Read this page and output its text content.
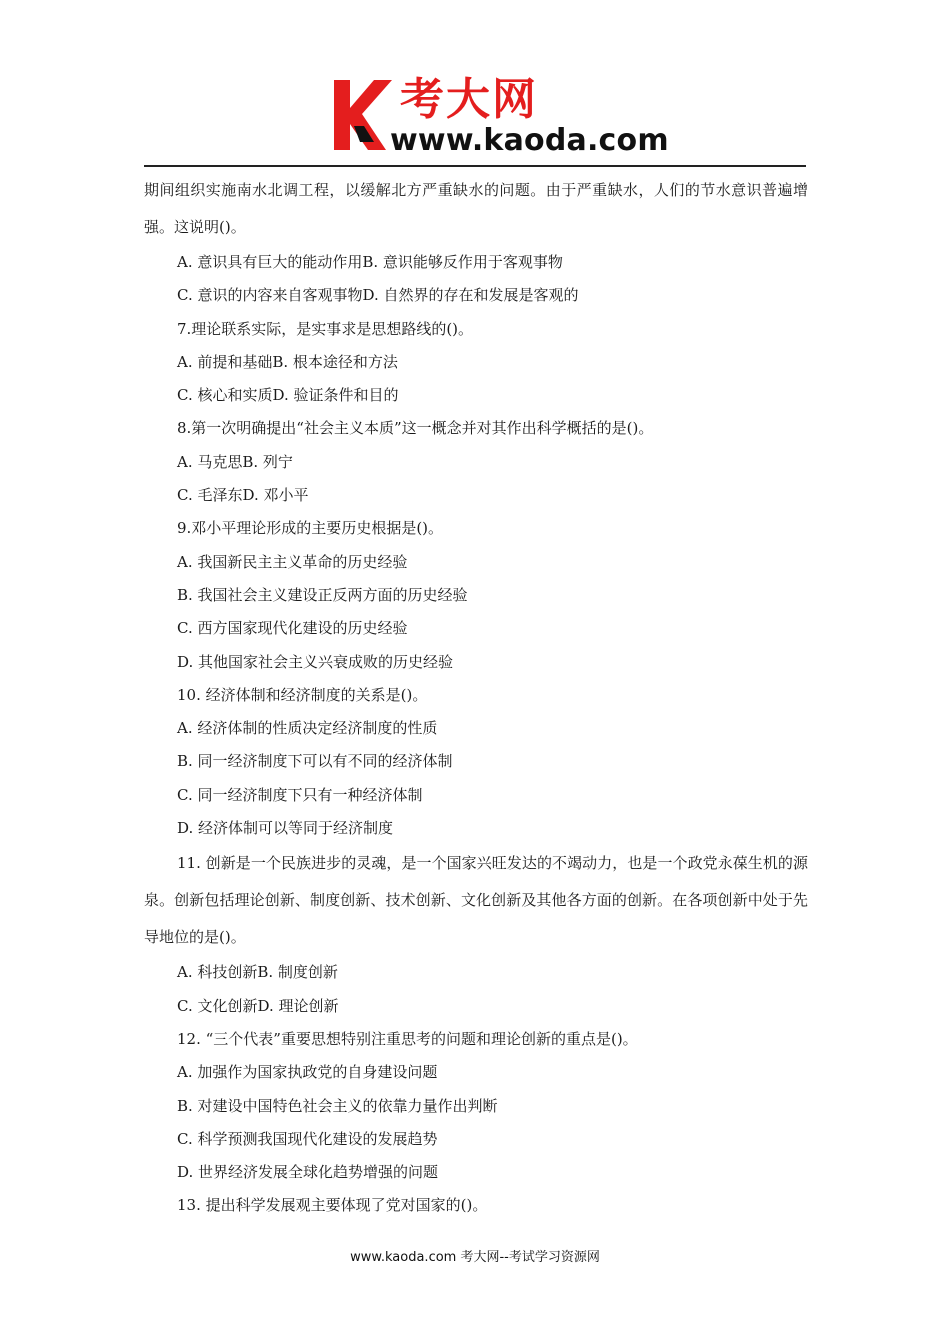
考大网
www.kaoda.com

期间组织实施南水北调工程，以缓解北方严重缺水的问题。由于严重缺水，人们的节水意识普遍增强。这说明()。

A. 意识具有巨大的能动作用B. 意识能够反作用于客观事物

C. 意识的内容来自客观事物D. 自然界的存在和发展是客观的

7.理论联系实际，是实事求是思想路线的()。

A. 前提和基础B. 根本途径和方法

C. 核心和实质D. 验证条件和目的

8.第一次明确提出“社会主义本质”这一概念并对其作出科学概括的是()。

A. 马克思B. 列宁

C. 毛泽东D. 邓小平

9.邓小平理论形成的主要历史根据是()。

A. 我国新民主主义革命的历史经验

B. 我国社会主义建设正反两方面的历史经验

C. 西方国家现代化建设的历史经验

D. 其他国家社会主义兴衰成败的历史经验

10. 经济体制和经济制度的关系是()。

A. 经济体制的性质决定经济制度的性质

B. 同一经济制度下可以有不同的经济体制

C. 同一经济制度下只有一种经济体制

D. 经济体制可以等同于经济制度

11. 创新是一个民族进步的灵魂，是一个国家兴旺发达的不竭动力，也是一个政党永葆生机的源泉。创新包括理论创新、制度创新、技术创新、文化创新及其他各方面的创新。在各项创新中处于先导地位的是()。

A. 科技创新B. 制度创新

C. 文化创新D. 理论创新

12. “三个代表”重要思想特别注重思考的问题和理论创新的重点是()。

A. 加强作为国家执政党的自身建设问题

B. 对建设中国特色社会主义的依靠力量作出判断

C. 科学预测我国现代化建设的发展趋势

D. 世界经济发展全球化趋势增强的问题

13. 提出科学发展观主要体现了党对国家的()。

www.kaoda.com 考大网--考试学习资源网
